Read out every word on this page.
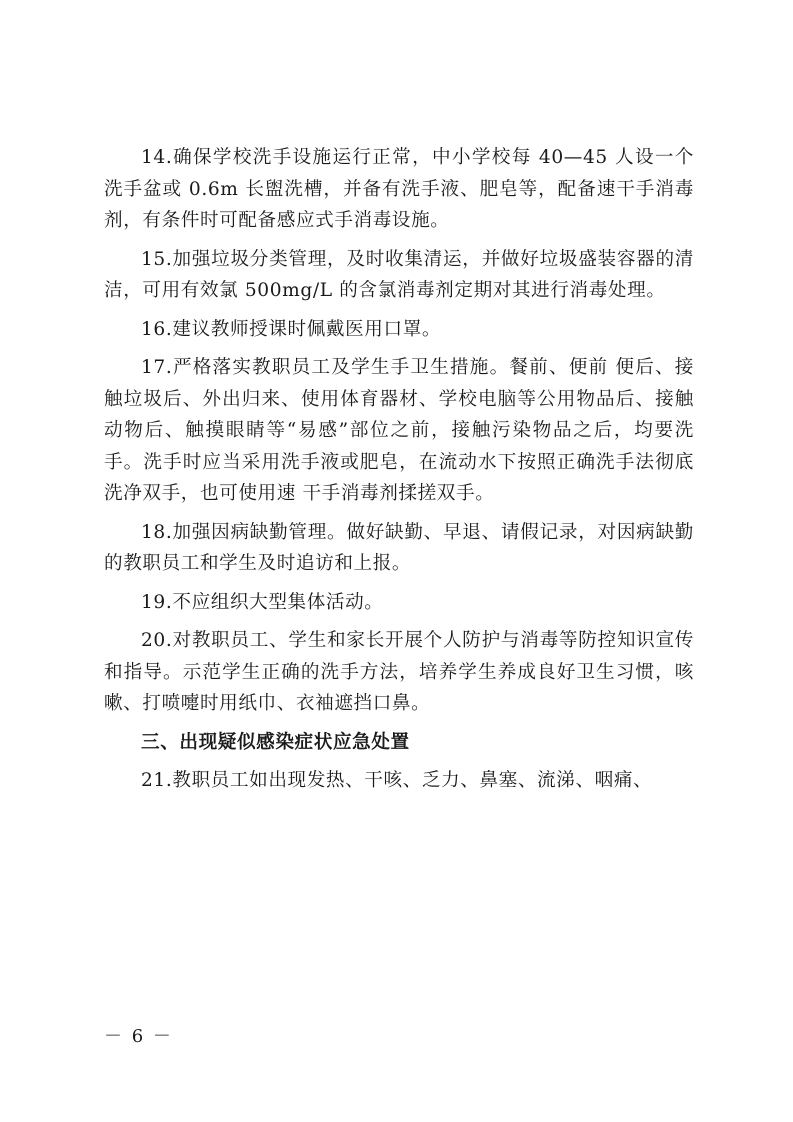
14.确保学校洗手设施运行正常，中小学校每 40—45 人设一个洗手盆或 0.6m 长盥洗槽，并备有洗手液、肥皂等，配备速干手消毒剂，有条件时可配备感应式手消毒设施。

15.加强垃圾分类管理，及时收集清运，并做好垃圾盛装容器的清洁，可用有效氯 500mg/L 的含氯消毒剂定期对其进行消毒处理。

16.建议教师授课时佩戴医用口罩。

17.严格落实教职员工及学生手卫生措施。餐前、便前 便后、接触垃圾后、外出归来、使用体育器材、学校电脑等公用物品后、接触动物后、触摸眼睛等“易感”部位之前，接触污染物品之后，均要洗手。洗手时应当采用洗手液或肥皂，在流动水下按照正确洗手法彻底洗净双手，也可使用速 干手消毒剂揉搓双手。

18.加强因病缺勤管理。做好缺勤、早退、请假记录，对因病缺勤的教职员工和学生及时追访和上报。

19.不应组织大型集体活动。

20.对教职员工、学生和家长开展个人防护与消毒等防控知识宣传和指导。示范学生正确的洗手方法，培养学生养成良好卫生习惯，咳嗽、打喷嚏时用纸巾、衣袖遮挡口鼻。

三、出现疑似感染症状应急处置

21.教职员工如出现发热、干咳、乏力、鼻塞、流涕、咽痛、

－ 6 －
